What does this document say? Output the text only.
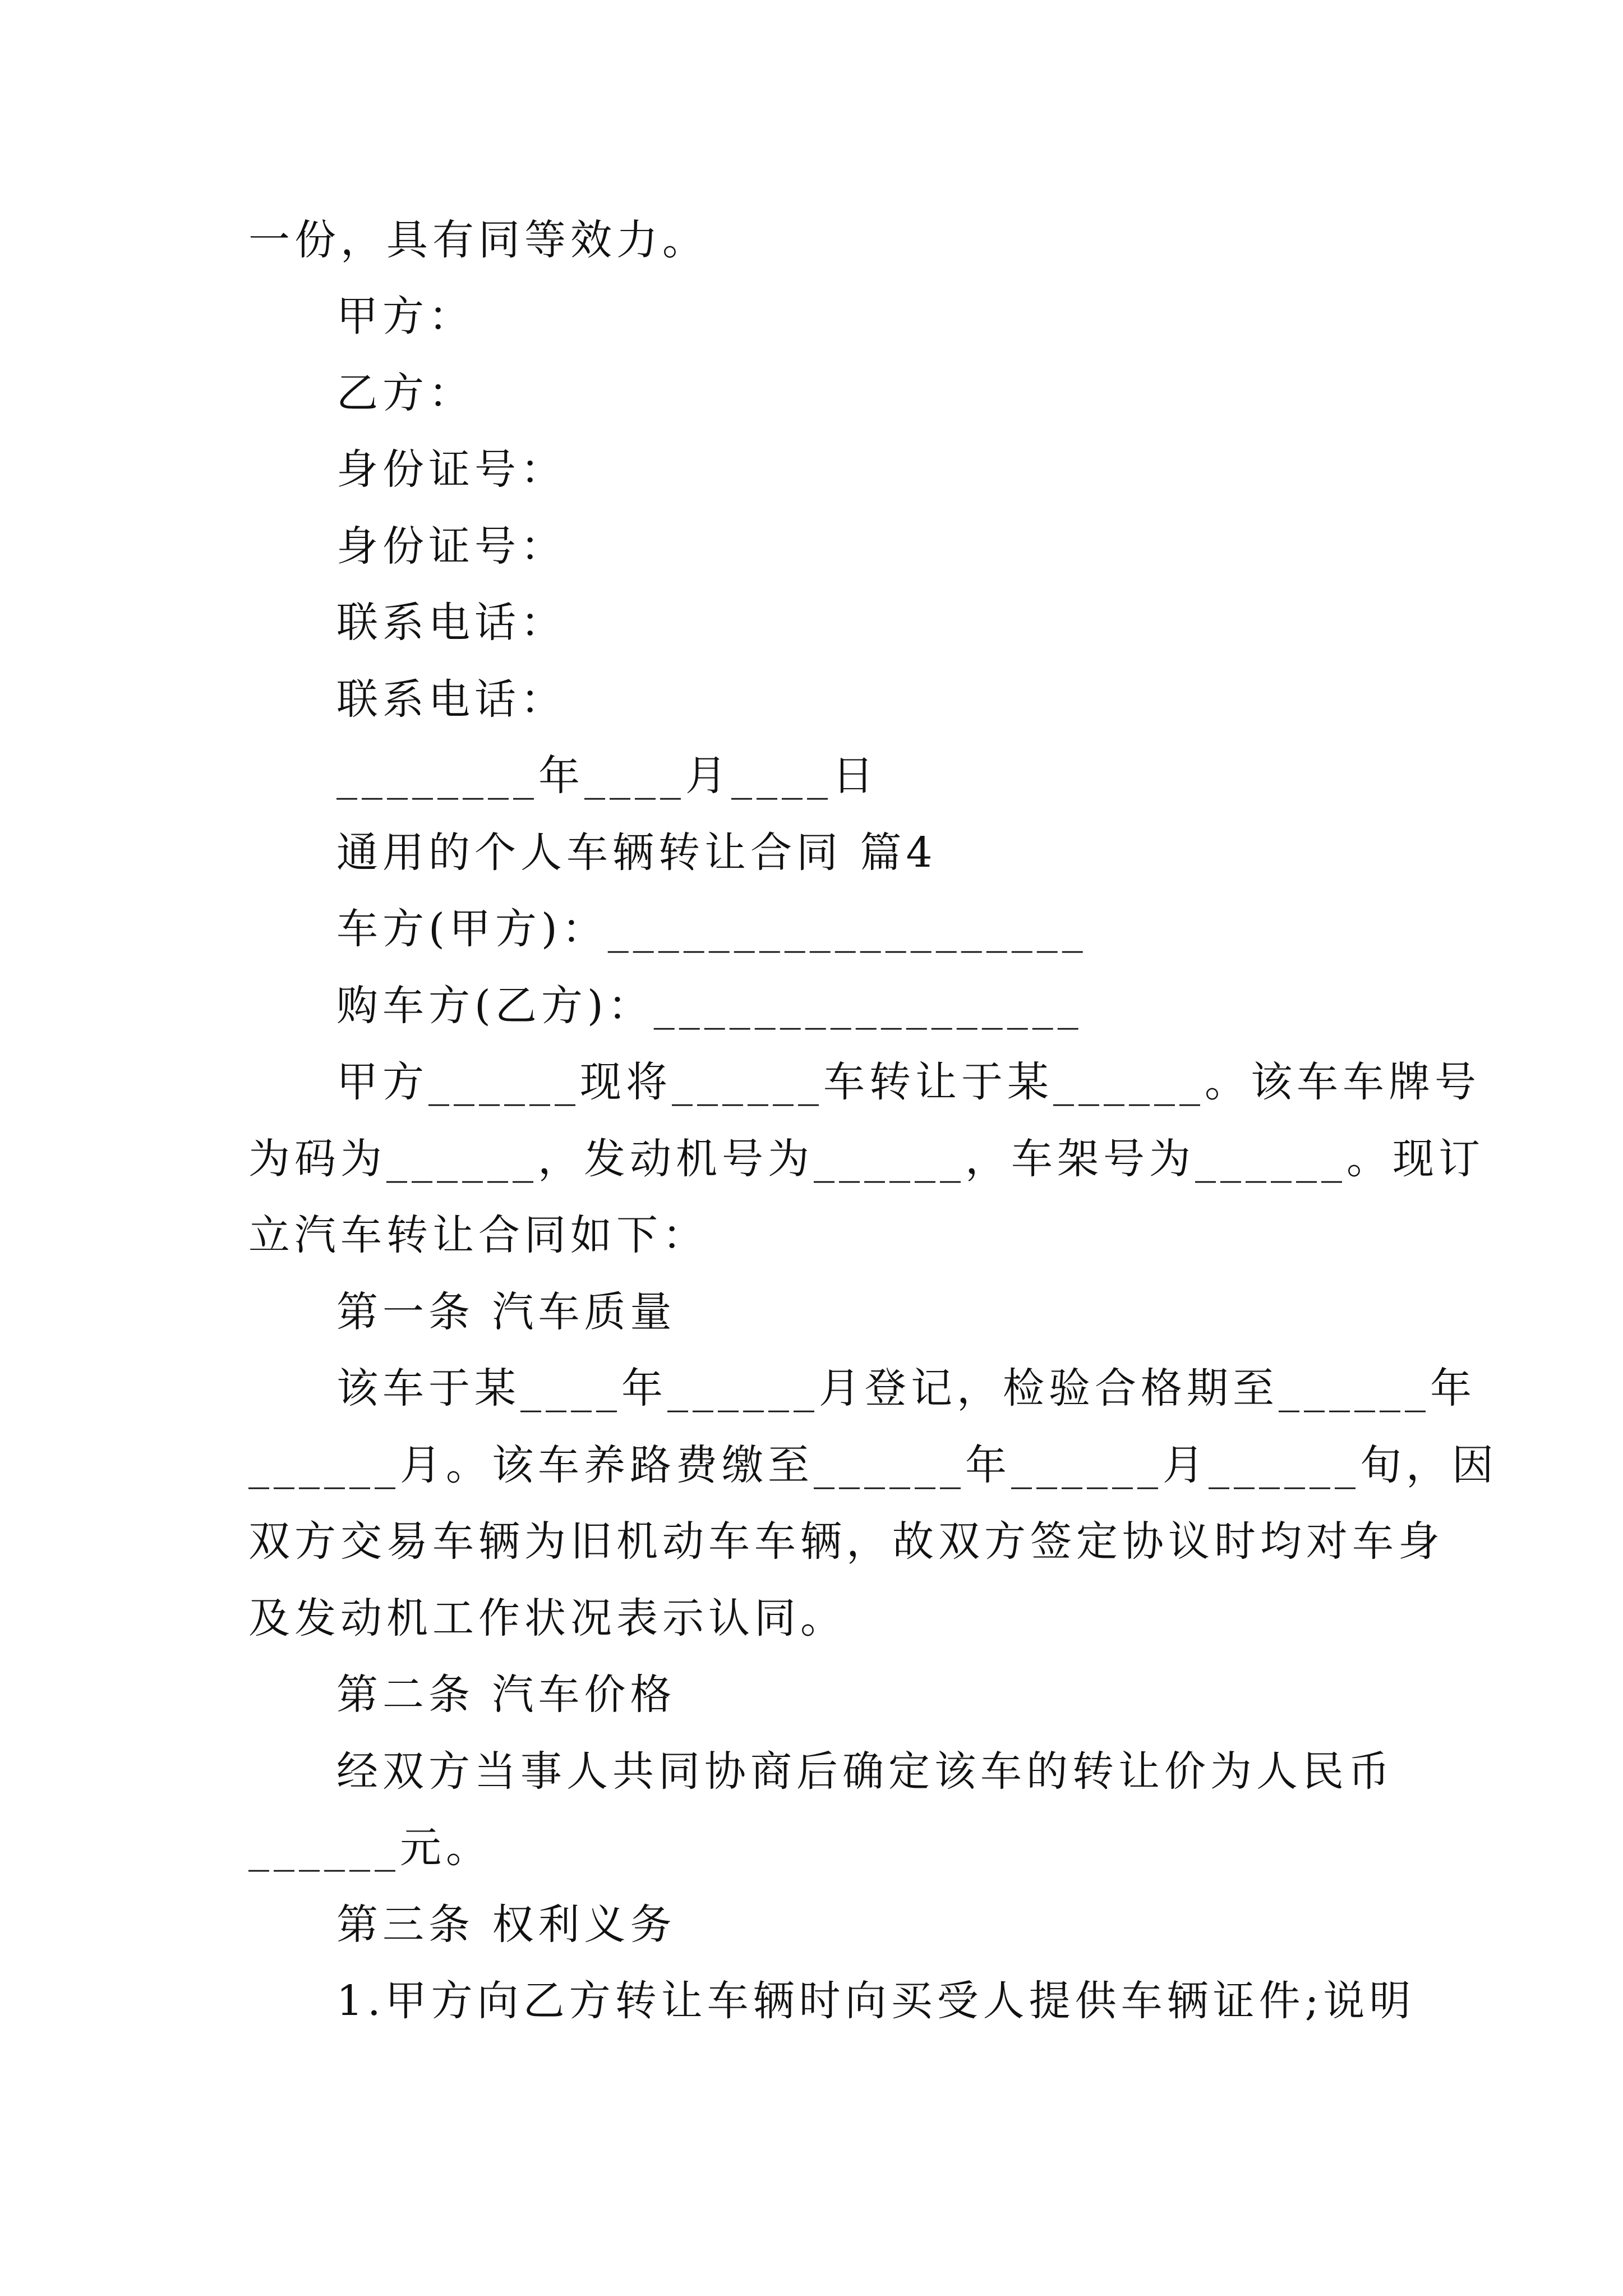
一份，具有同等效力。
甲方：
乙方：
身份证号：
身份证号：
联系电话：
联系电话：
________年____月____日
通用的个人车辆转让合同 篇4
车方(甲方)：___________________
购车方(乙方)：_________________
甲方______现将______车转让于某______。该车车牌号
为码为______，发动机号为______，车架号为______。现订
立汽车转让合同如下：
第一条 汽车质量
该车于某____年______月登记，检验合格期至______年
______月。该车养路费缴至______年______月______旬，因
双方交易车辆为旧机动车车辆，故双方签定协议时均对车身
及发动机工作状况表示认同。
第二条 汽车价格
经双方当事人共同协商后确定该车的转让价为人民币
______元。
第三条 权利义务
1.甲方向乙方转让车辆时向买受人提供车辆证件;说明
